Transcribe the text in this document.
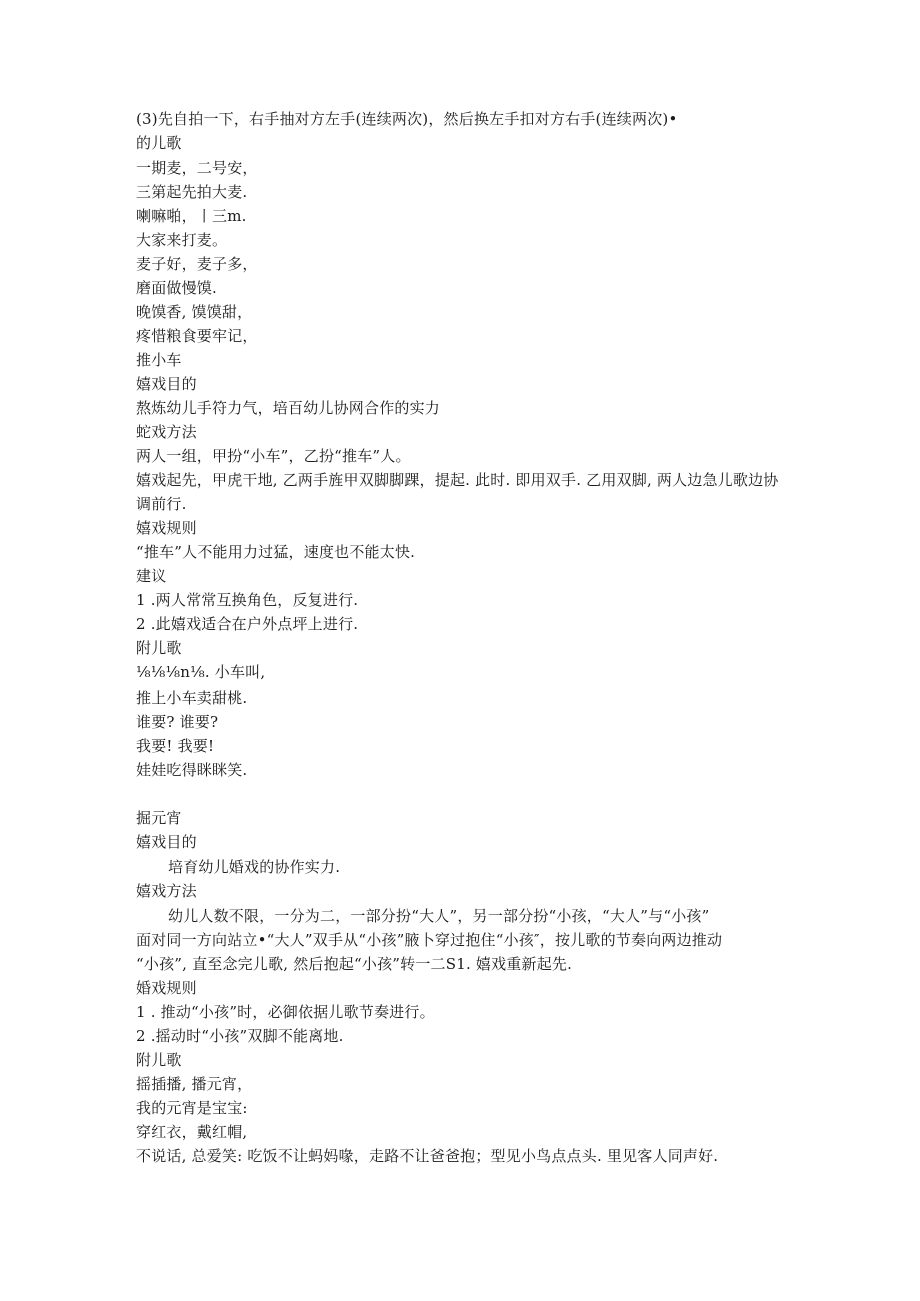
(3)先自拍一下，右手抽对方左手(连续两次)，然后换左手扣对方右手(连续两次)•
的儿歌
一期麦，二号安，
三第起先拍大麦.
喇嘛啪，丨三m.
大家来打麦。
麦子好，麦子多，
磨面做慢馍.
晚馍香, 馍馍甜，
疼惜粮食要牢记，
推小车
嬉戏目的
熬炼幼儿手符力气，培百幼儿协网合作的实力
蛇戏方法
两人一组，甲扮“小车”，乙扮“推车”人。
嬉戏起先，甲虎干地, 乙两手旌甲双脚脚踝，提起. 此时. 即用双手. 乙用双脚, 两人边急儿歌边协
调前行.
嬉戏规则
“推车”人不能用力过猛，速度也不能太快.
建议
1 .两人常常互换角色，反复进行.
2 .此嬉戏适合在户外点坪上进行.
附儿歌
⅛⅛⅛n⅛. 小车叫,
推上小车卖甜桃.
谁要? 谁要?
我要! 我要!
娃娃吃得眯眯笑.
掘元宵
嬉戏目的
培育幼儿婚戏的协作实力.
嬉戏方法
幼儿人数不限，一分为二，一部分扮“大人”，另一部分扮“小孩，“大人”与“小孩”
面对同一方向站立•“大人”双手从“小孩”腋卜穿过抱住“小孩″，按儿歌的节奏向两边推动
“小孩”, 直至念完儿歌, 然后抱起“小孩”转一二S1. 嬉戏重新起先.
婚戏规则
1 . 推动“小孩”时，必御依据儿歌节奏进行。
2 .摇动时“小孩”双脚不能离地.
附儿歌
摇插播, 播元宵，
我的元宵是宝宝:
穿红衣，戴红帽,
不说话, 总爱笑: 吃饭不让蚂妈喙，走路不让爸爸抱；型见小鸟点点头. 里见客人同声好.
